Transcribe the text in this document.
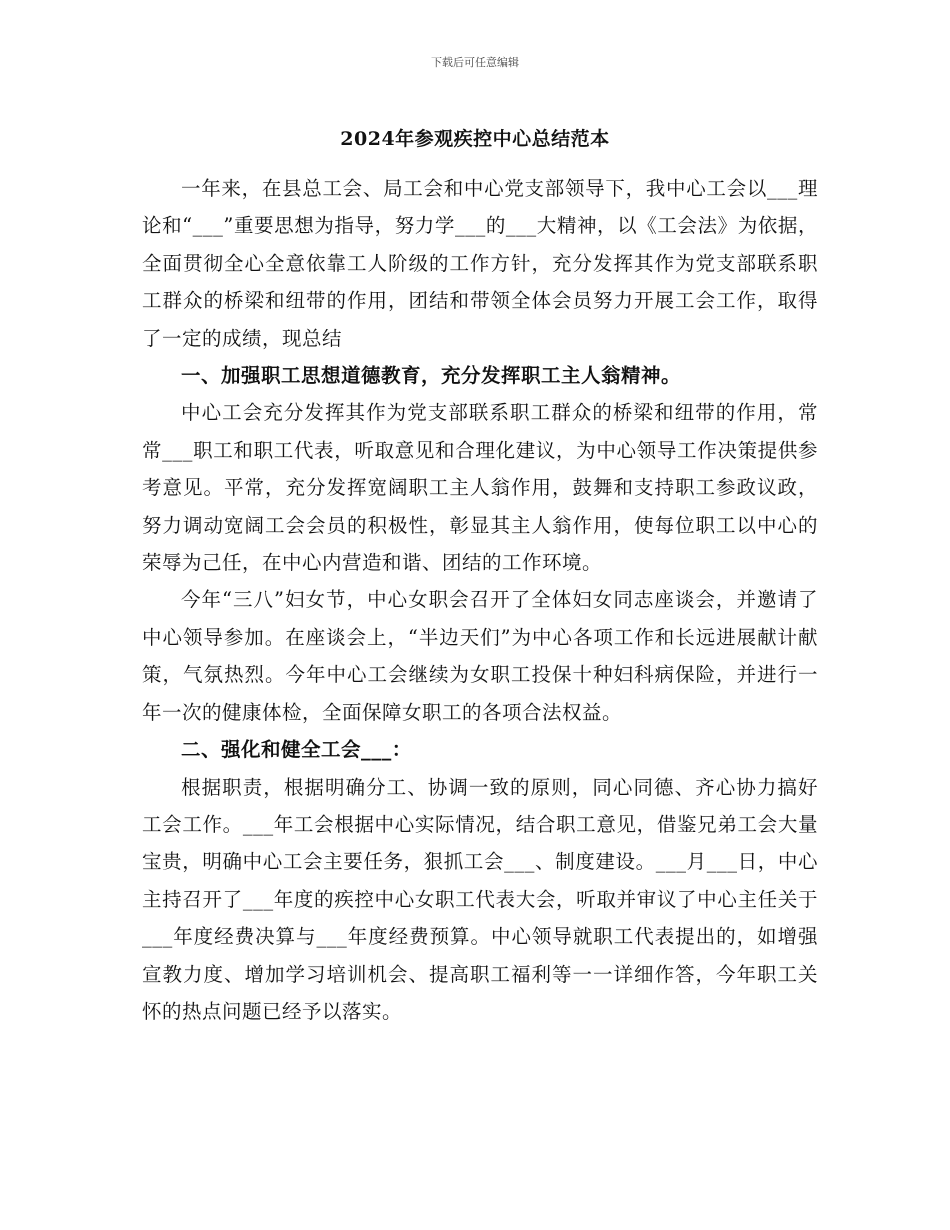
下载后可任意编辑
2024年参观疾控中心总结范本

一年来，在县总工会、局工会和中心党支部领导下，我中心工会以___理论和“___”重要思想为指导，努力学___的___大精神，以《工会法》为依据，全面贯彻全心全意依靠工人阶级的工作方针，充分发挥其作为党支部联系职工群众的桥梁和纽带的作用，团结和带领全体会员努力开展工会工作，取得了一定的成绩，现总结

一、加强职工思想道德教育，充分发挥职工主人翁精神。

中心工会充分发挥其作为党支部联系职工群众的桥梁和纽带的作用，常常___职工和职工代表，听取意见和合理化建议，为中心领导工作决策提供参考意见。平常，充分发挥宽阔职工主人翁作用，鼓舞和支持职工参政议政，努力调动宽阔工会会员的积极性，彰显其主人翁作用，使每位职工以中心的荣辱为己任，在中心内营造和谐、团结的工作环境。

今年“三八”妇女节，中心女职会召开了全体妇女同志座谈会，并邀请了中心领导参加。在座谈会上，“半边天们”为中心各项工作和长远进展献计献策，气氛热烈。今年中心工会继续为女职工投保十种妇科病保险，并进行一年一次的健康体检，全面保障女职工的各项合法权益。

二、强化和健全工会___：

根据职责，根据明确分工、协调一致的原则，同心同德、齐心协力搞好工会工作。___年工会根据中心实际情况，结合职工意见，借鉴兄弟工会大量宝贵，明确中心工会主要任务，狠抓工会___、制度建设。___月___日，中心主持召开了___年度的疾控中心女职工代表大会，听取并审议了中心主任关于___年度经费决算与___年度经费预算。中心领导就职工代表提出的，如增强宣教力度、增加学习培训机会、提高职工福利等一一详细作答，今年职工关怀的热点问题已经予以落实。
